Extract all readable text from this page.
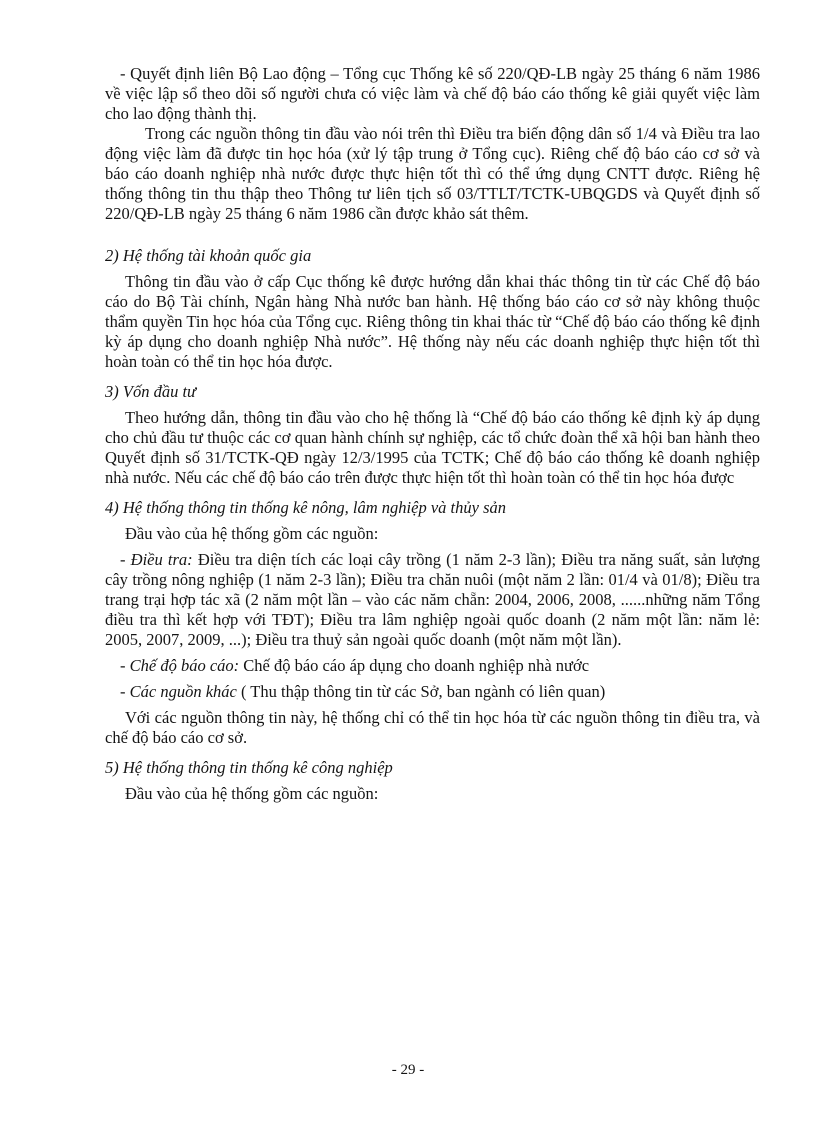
- Quyết định liên Bộ Lao động – Tổng cục Thống kê số 220/QĐ-LB ngày 25 tháng 6 năm 1986 về việc lập sổ theo dõi số người chưa có việc làm và chế độ báo cáo thống kê giải quyết việc làm cho lao động thành thị.

Trong các nguồn thông tin đầu vào nói trên thì Điều tra biến động dân số 1/4 và Điều tra lao động việc làm đã được tin học hóa (xử lý tập trung ở Tổng cục). Riêng chế độ báo cáo cơ sở và báo cáo doanh nghiệp nhà nước được thực hiện tốt thì có thể ứng dụng CNTT được. Riêng hệ thống thông tin thu thập theo Thông tư liên tịch số 03/TTLT/TCTK-UBQGDS và Quyết định số 220/QĐ-LB ngày 25 tháng 6 năm 1986 cần được khảo sát thêm.

2) Hệ thống tài khoản quốc gia

Thông tin đầu vào ở cấp Cục thống kê được hướng dẫn khai thác thông tin từ các Chế độ báo cáo do Bộ Tài chính, Ngân hàng Nhà nước ban hành. Hệ thống báo cáo cơ sở này không thuộc thẩm quyền Tin học hóa của Tổng cục. Riêng thông tin khai thác từ “Chế độ báo cáo thống kê định kỳ áp dụng cho doanh nghiệp Nhà nước”. Hệ thống này nếu các doanh nghiệp thực hiện tốt thì hoàn toàn có thể tin học hóa được.

3) Vốn đầu tư

Theo hướng dẫn, thông tin đầu vào cho hệ thống là “Chế độ báo cáo thống kê định kỳ áp dụng cho chủ đầu tư thuộc các cơ quan hành chính sự nghiệp, các tổ chức đoàn thể xã hội ban hành theo Quyết định số 31/TCTK-QĐ ngày 12/3/1995 của TCTK; Chế độ báo cáo thống kê doanh nghiệp nhà nước. Nếu các chế độ báo cáo trên được thực hiện tốt thì hoàn toàn có thể tin học hóa được

4) Hệ thống thông tin thống kê nông, lâm nghiệp và thủy sản

Đầu vào của hệ thống gồm các nguồn:

- Điều tra: Điều tra diện tích các loại cây trồng (1 năm 2-3 lần); Điều tra năng suất, sản lượng cây trồng nông nghiệp (1 năm 2-3 lần); Điều tra chăn nuôi (một năm 2 lần: 01/4 và 01/8); Điều tra trang trại hợp tác xã (2 năm một lần – vào các năm chẵn: 2004, 2006, 2008, ......những năm Tổng điều tra thì kết hợp với TĐT); Điều tra lâm nghiệp ngoài quốc doanh (2 năm một lần: năm lẻ: 2005, 2007, 2009, ...); Điều tra thuỷ sản ngoài quốc doanh (một năm một lần).

- Chế độ báo cáo: Chế độ báo cáo áp dụng cho doanh nghiệp nhà nước

- Các nguồn khác ( Thu thập thông tin từ các Sở, ban ngành có liên quan)

Với các nguồn thông tin này, hệ thống chỉ có thể tin học hóa từ các nguồn thông tin điều tra, và chế độ báo cáo cơ sở.

5) Hệ thống thông tin thống kê công nghiệp

Đầu vào của hệ thống gồm các nguồn:

- 29 -
